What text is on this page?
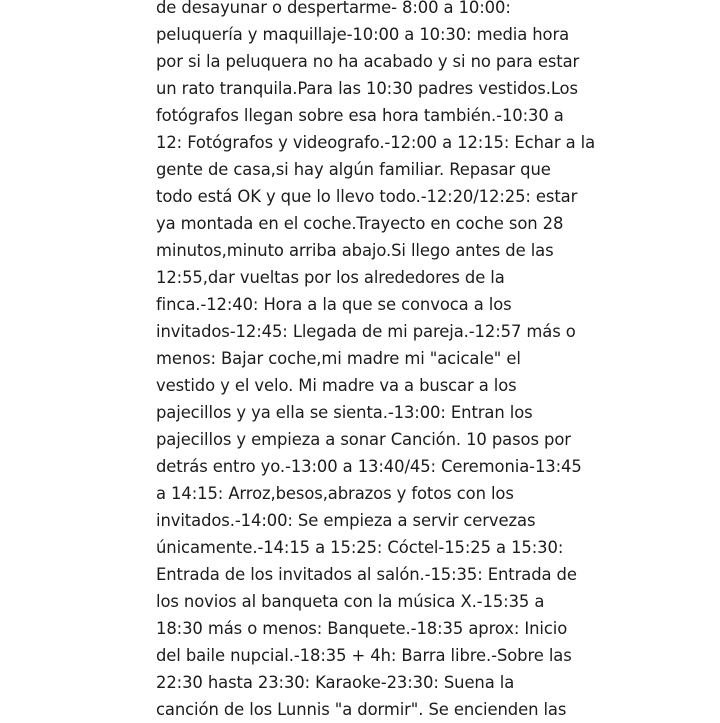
de desayunar o despertarme- 8:00 a 10:00:
peluquería y maquillaje-10:00 a 10:30: media hora
por si la peluquera no ha acabado y si no para estar
un rato tranquila.Para las 10:30 padres vestidos.Los
fotógrafos llegan sobre esa hora también.-10:30 a
12: Fotógrafos y videografo.-12:00 a 12:15: Echar a la
gente de casa,si hay algún familiar. Repasar que
todo está OK y que lo llevo todo.-12:20/12:25: estar
ya montada en el coche.Trayecto en coche son 28
minutos,minuto arriba abajo.Si llego antes de las
12:55,dar vueltas por los alrededores de la
finca.-12:40: Hora a la que se convoca a los
invitados-12:45: Llegada de mi pareja.-12:57 más o
menos: Bajar coche,mi madre mi "acicale" el
vestido y el velo. Mi madre va a buscar a los
pajecillos y ya ella se sienta.-13:00: Entran los
pajecillos y empieza a sonar Canción. 10 pasos por
detrás entro yo.-13:00 a 13:40/45: Ceremonia-13:45
a 14:15: Arroz,besos,abrazos y fotos con los
invitados.-14:00: Se empieza a servir cervezas
únicamente.-14:15 a 15:25: Cóctel-15:25 a 15:30:
Entrada de los invitados al salón.-15:35: Entrada de
los novios al banqueta con la música X.-15:35 a
18:30 más o menos: Banquete.-18:35 aprox: Inicio
del baile nupcial.-18:35 + 4h: Barra libre.-Sobre las
22:30 hasta 23:30: Karaoke-23:30: Suena la
canción de los Lunnis "a dormir". Se encienden las
